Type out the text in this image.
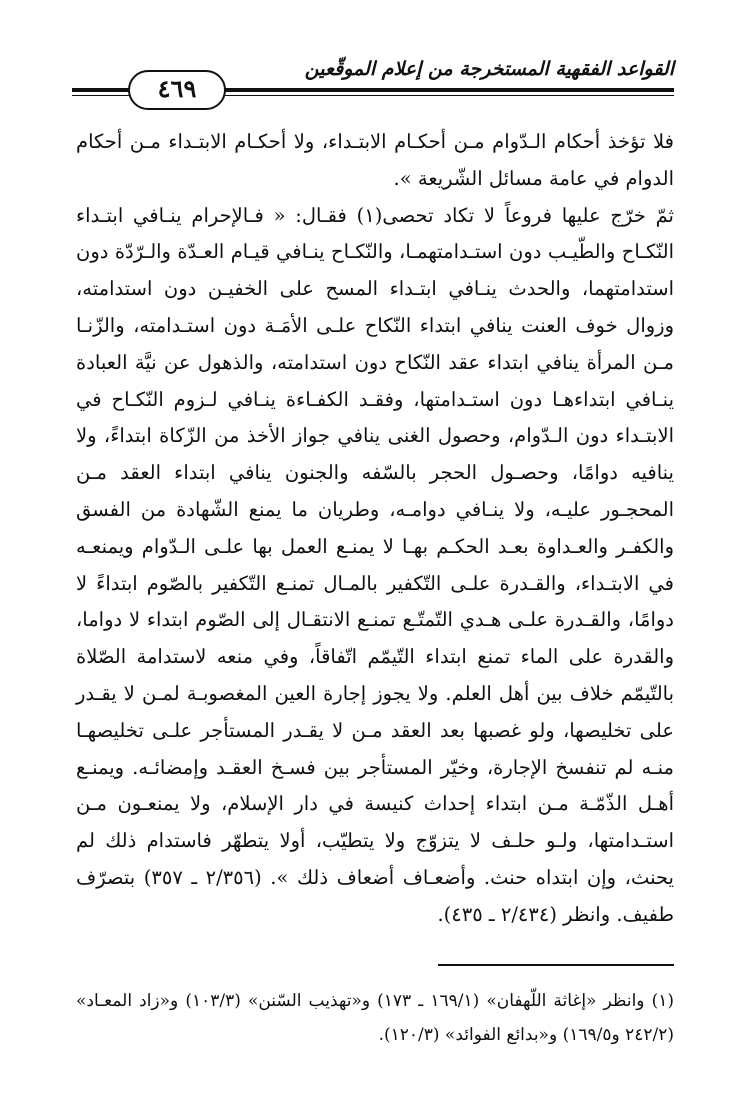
القواعد الفقهية المستخرجة من إعلام الموقّعين
٤٦٩

فلا تؤخذ أحكام الـدّوام مـن أحكـام الابتـداء، ولا أحكـام الابتـداء مـن أحكام الدوام في عامة مسائل الشّريعة ».

ثمّ خرّج عليها فروعاً لا تكاد تحصى(١) فقـال: « فـالإحرام ينـافي ابتـداء النّكـاح والطّيـب دون استـدامتهمـا، والنّكـاح ينـافي قيـام العـدّة والـرّدّة دون استدامتهما، والحدث ينـافي ابتـداء المسح على الخفيـن دون استدامته، وزوال خوف العنت ينافي ابتداء النّكاح علـى الأمَـة دون استـدامته، والزّنـا مـن المرأة ينافي ابتداء عقد النّكاح دون استدامته، والذهول عن نيَّة العبادة ينـافي ابتداءهـا دون استـدامتها، وفقـد الكفـاءة ينـافي لـزوم النّكـاح في الابتـداء دون الـدّوام، وحصول الغنى ينافي جواز الأخذ من الزّكاة ابتداءً، ولا ينافيه دوامًا، وحصـول الحجر بالسّفه والجنون ينافي ابتداء العقد مـن المحجـور عليـه، ولا ينـافي دوامـه، وطريان ما يمنع الشّهادة من الفسق والكفـر والعـداوة بعـد الحكـم بهـا لا يمنـع العمل بها علـى الـدّوام ويمنعـه في الابتـداء، والقـدرة علـى التّكفير بالمـال تمنـع التّكفير بالصّوم ابتداءً لا دوامًا، والقـدرة علـى هـدي التّمتّـع تمنـع الانتقـال إلى الصّوم ابتداء لا دواما، والقدرة على الماء تمنع ابتداء التّيمّم اتّفاقاً، وفي منعه لاستدامة الصّلاة بالتّيمّم خلاف بين أهل العلم. ولا يجوز إجارة العين المغصوبـة لمـن لا يقـدر على تخليصها، ولو غصبها بعد العقد مـن لا يقـدر المستأجر علـى تخليصهـا منـه لم تنفسخ الإجارة، وخيّر المستأجر بين فسـخ العقـد وإمضائـه. ويمنـع أهـل الذّمّـة مـن ابتداء إحداث كنيسة في دار الإسلام، ولا يمنعـون مـن استـدامتها، ولـو حلـف لا يتزوّج ولا يتطيّب، أولا يتطهّر فاستدام ذلك لم يحنث، وإن ابتداه حنث. وأضعـاف أضعاف ذلك ». (٢/٣٥٦ ـ ٣٥٧) بتصرّف طفيف. وانظر (٢/٤٣٤ ـ ٤٣٥).

(١) وانظر «إغاثة اللّهفان» (١٦٩/١ ـ ١٧٣) و«تهذيب السّنن» (١٠٣/٣) و«زاد المعـاد» (٢٤٢/٢ و١٦٩/٥) و«بدائع الفوائد» (١٢٠/٣).
